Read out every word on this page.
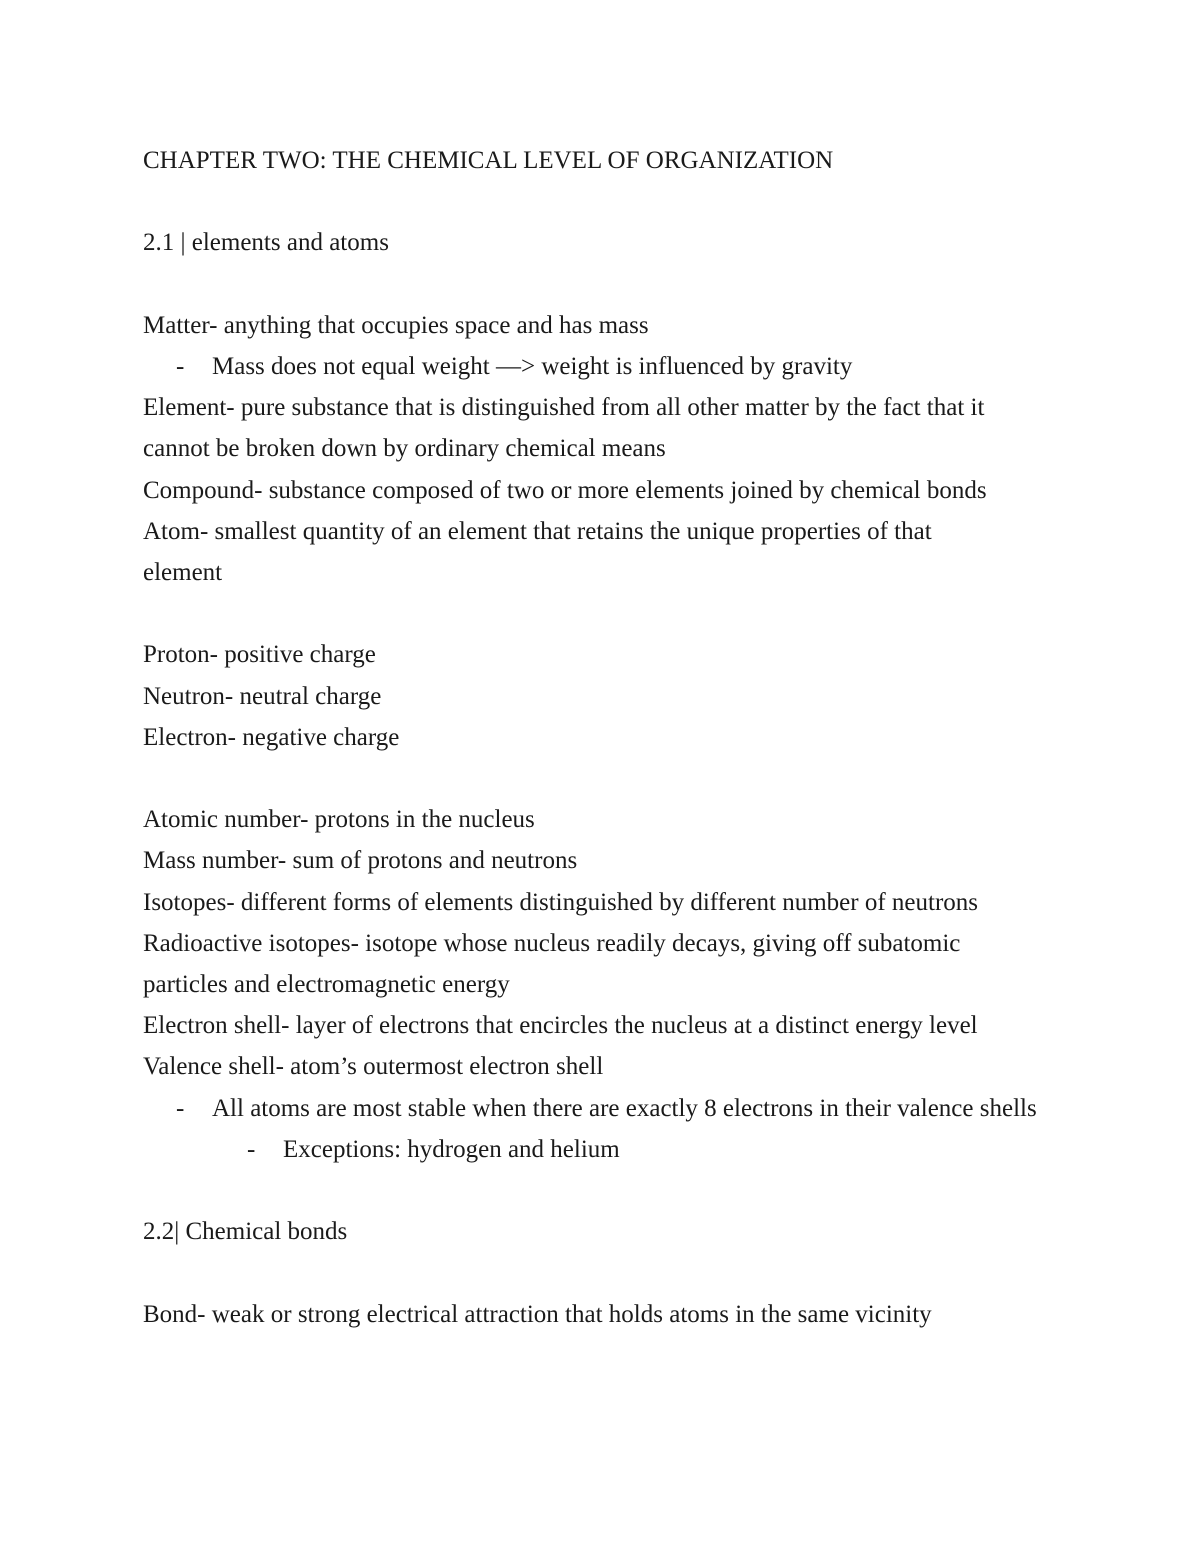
CHAPTER TWO: THE CHEMICAL LEVEL OF ORGANIZATION

2.1 | elements and atoms

Matter- anything that occupies space and has mass

- Mass does not equal weight —> weight is influenced by gravity

Element- pure substance that is distinguished from all other matter by the fact that it

cannot be broken down by ordinary chemical means

Compound- substance composed of two or more elements joined by chemical bonds

Atom- smallest quantity of an element that retains the unique properties of that

element

Proton- positive charge

Neutron- neutral charge

Electron- negative charge

Atomic number- protons in the nucleus

Mass number- sum of protons and neutrons

Isotopes- different forms of elements distinguished by different number of neutrons

Radioactive isotopes- isotope whose nucleus readily decays, giving off subatomic

particles and electromagnetic energy

Electron shell- layer of electrons that encircles the nucleus at a distinct energy level

Valence shell- atom’s outermost electron shell

- All atoms are most stable when there are exactly 8 electrons in their valence shells

- Exceptions: hydrogen and helium

2.2| Chemical bonds

Bond- weak or strong electrical attraction that holds atoms in the same vicinity
